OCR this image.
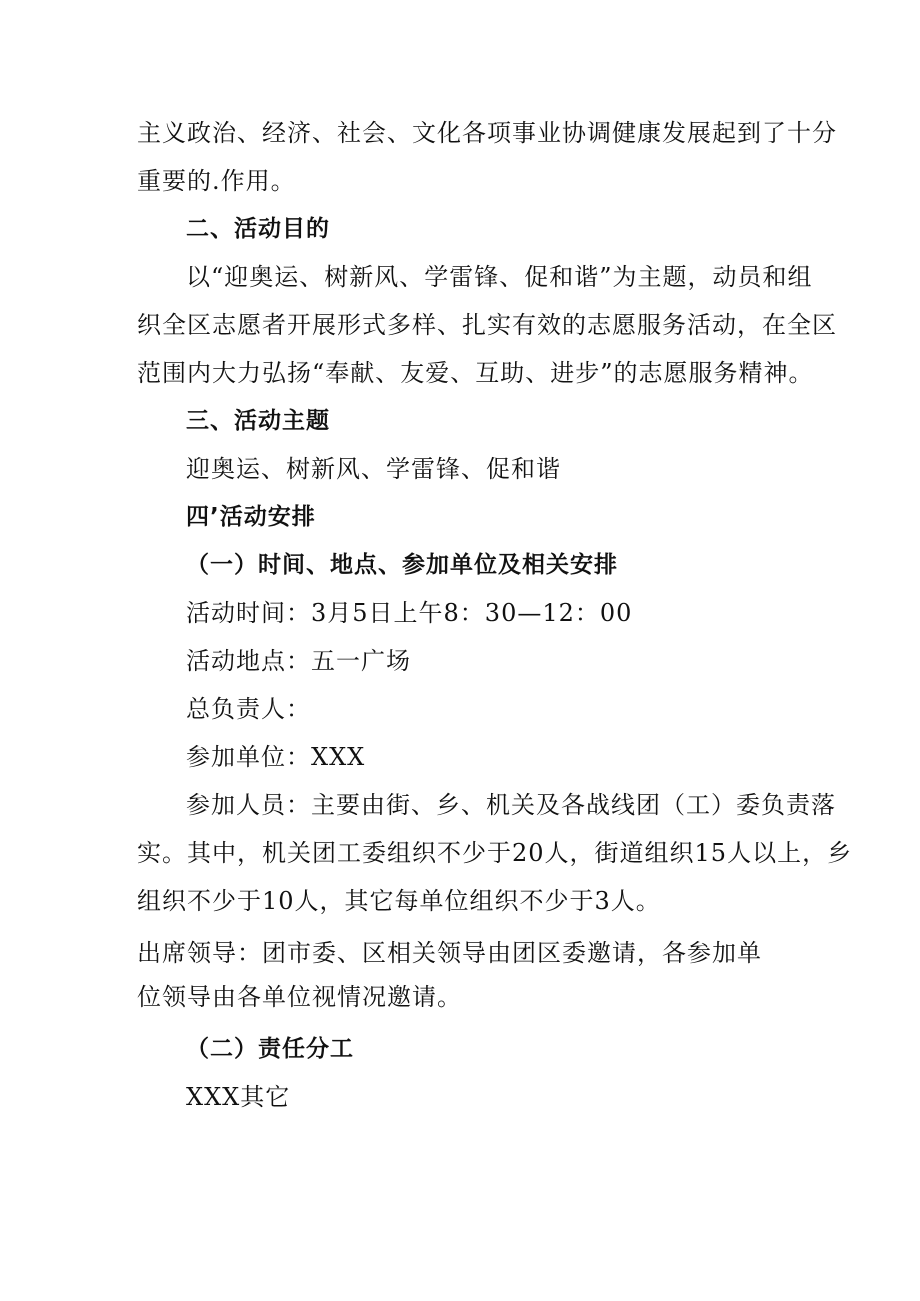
主义政治、经济、社会、文化各项事业协调健康发展起到了十分
重要的.作用。
二、活动目的
以“迎奥运、树新风、学雷锋、促和谐”为主题，动员和组
织全区志愿者开展形式多样、扎实有效的志愿服务活动，在全区
范围内大力弘扬“奉献、友爱、互助、进步”的志愿服务精神。
三、活动主题
迎奥运、树新风、学雷锋、促和谐
四’活动安排
（一）时间、地点、参加单位及相关安排
活动时间：3月5日上午8：30—12：00
活动地点：五一广场
总负责人：
参加单位：XXX
参加人员：主要由街、乡、机关及各战线团（工）委负责落
实。其中，机关团工委组织不少于20人，街道组织15人以上，乡
组织不少于10人，其它每单位组织不少于3人。
出席领导：团市委、区相关领导由团区委邀请，各参加单
位领导由各单位视情况邀请。
（二）责任分工
XXX其它
